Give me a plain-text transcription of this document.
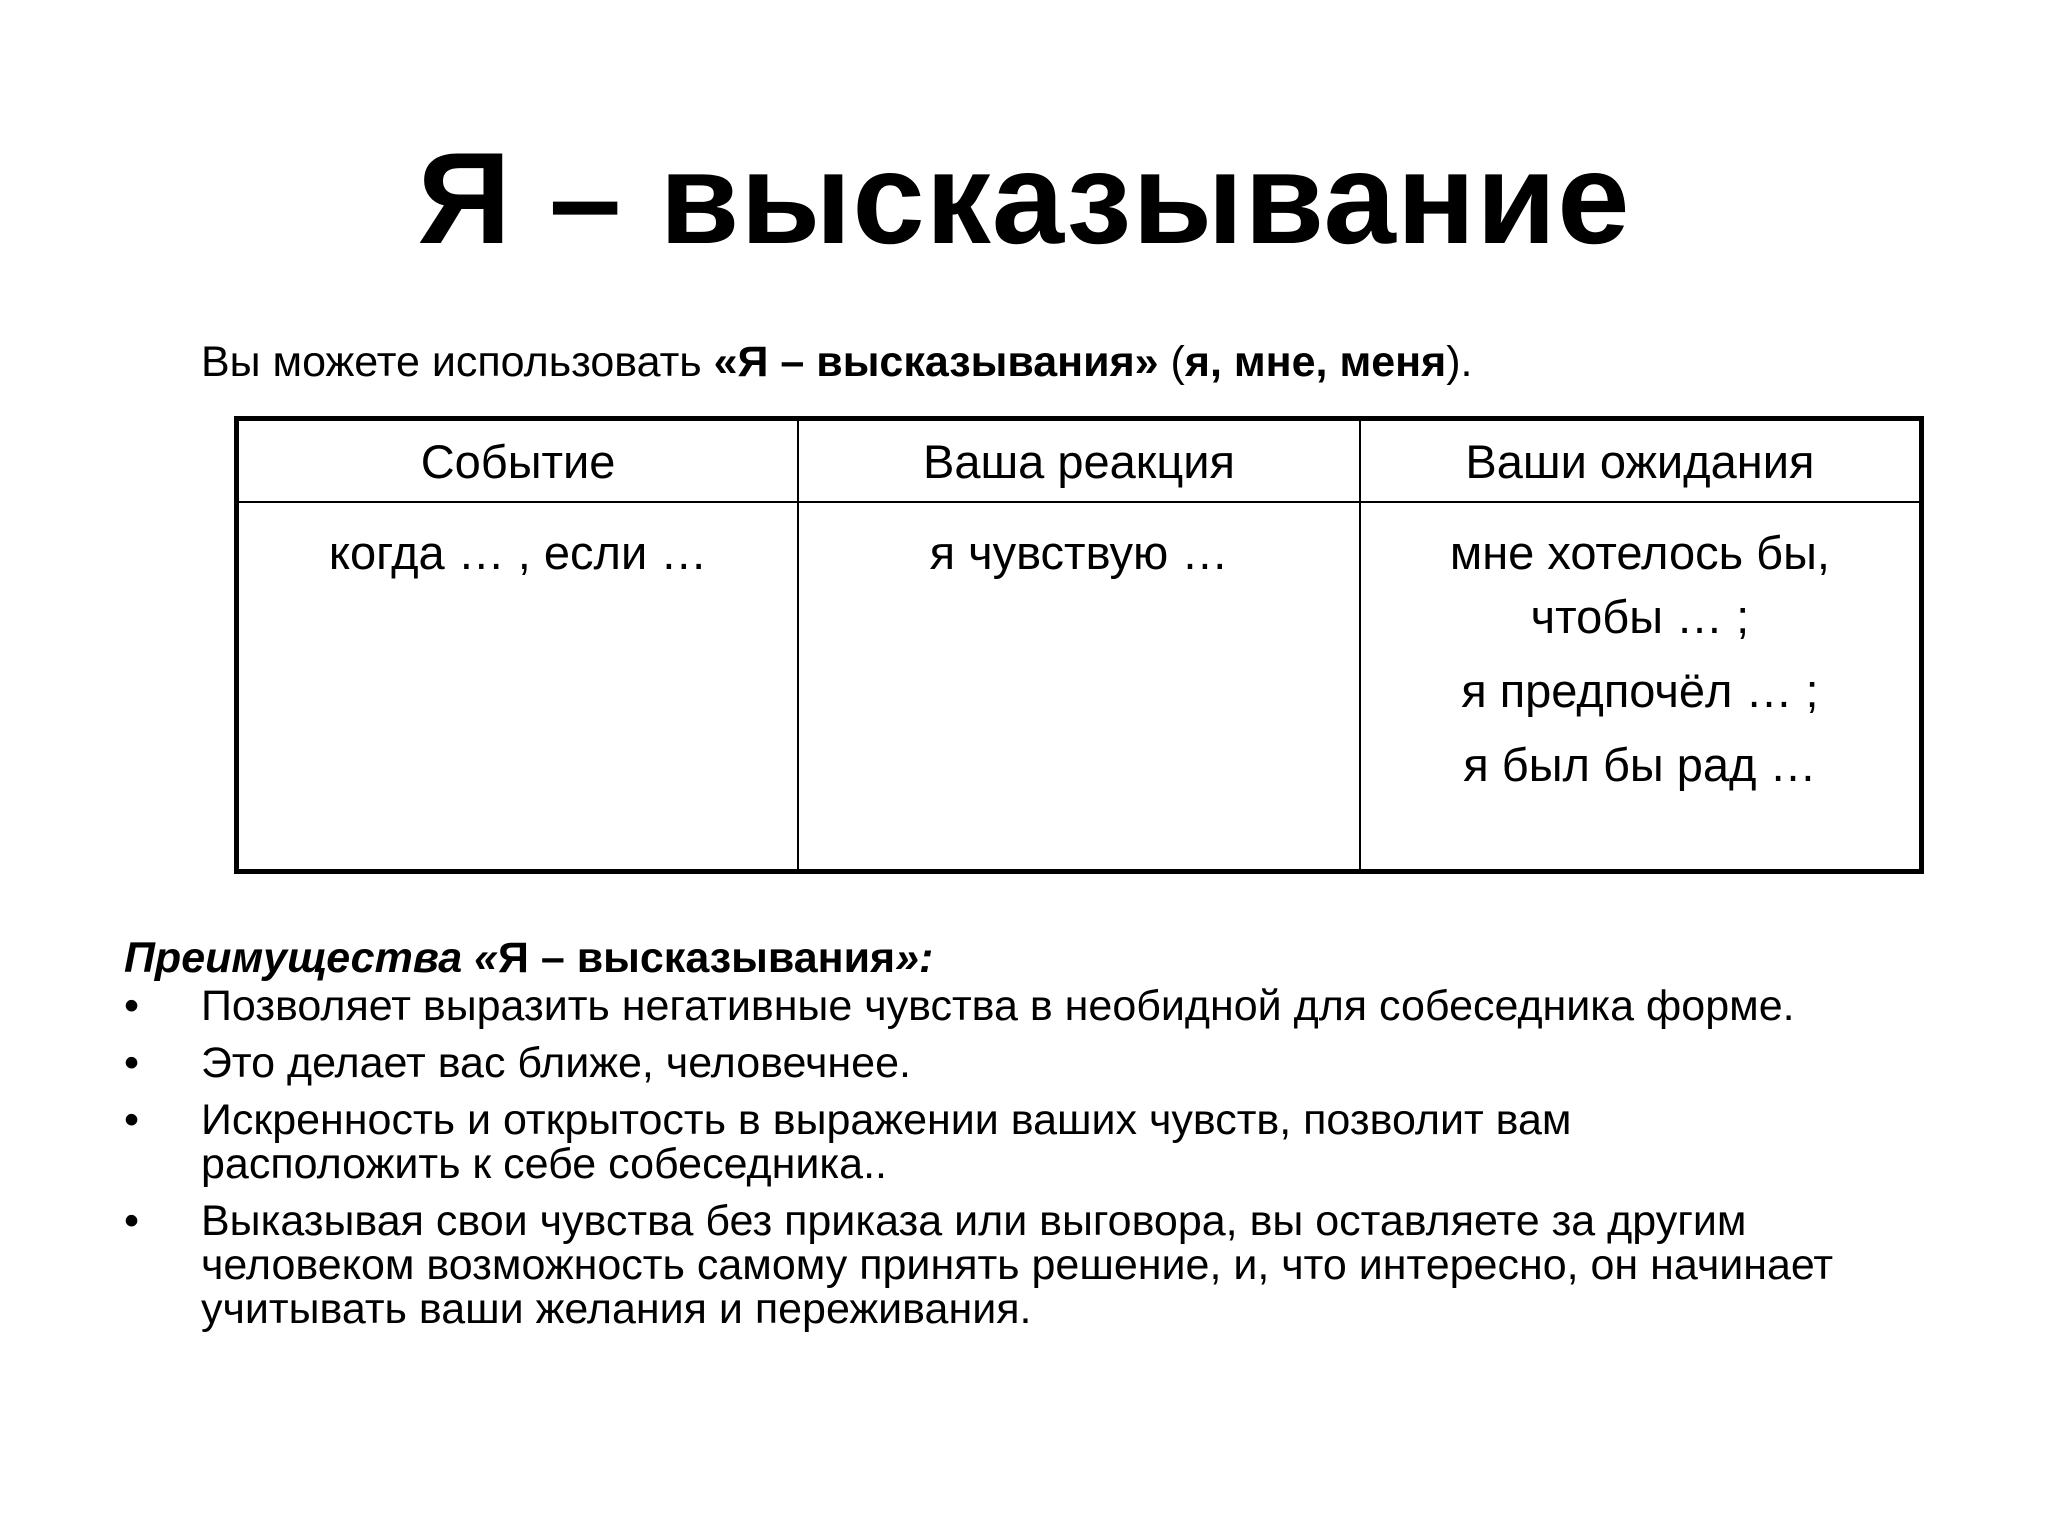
Я – высказывание
Вы можете использовать «Я – высказывания» (я, мне, меня).
Событие	Ваша реакция	Ваши ожидания

когда … , если …	я чувствую …	мне хотелось бы, чтобы … ;
я предпочёл … ;
я был бы рад …
Преимущества «Я – высказывания»:
•	Позволяет выразить негативные чувства в необидной для собеседника форме.
•	Это делает вас ближе, человечнее.
•	Искренность и открытость в выражении ваших чувств, позволит вам расположить к себе собеседника..
•	Выказывая свои чувства без приказа или выговора, вы оставляете за другим человеком возможность самому принять решение, и, что интересно, он начинает учитывать ваши желания и переживания.
